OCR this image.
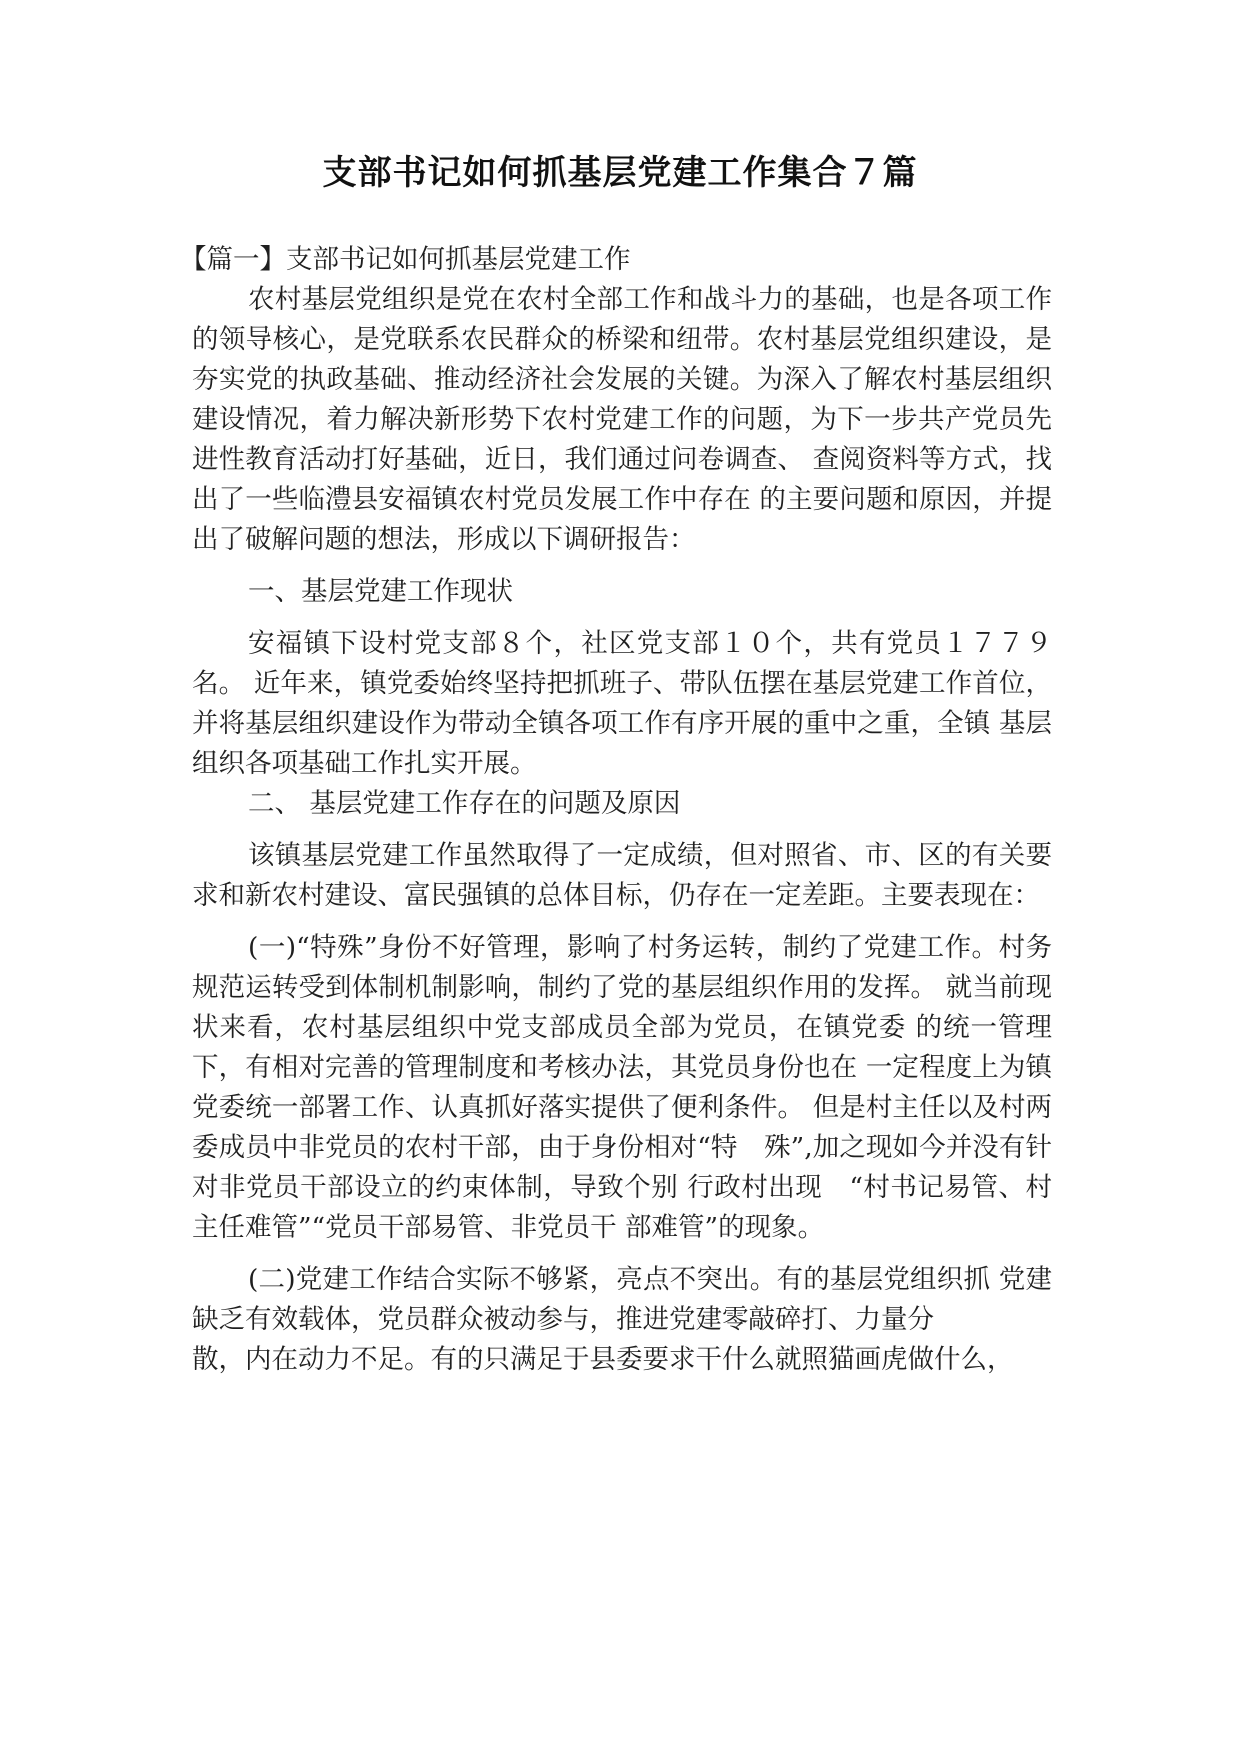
支部书记如何抓基层党建工作集合７篇

【篇一】支部书记如何抓基层党建工作

农村基层党组织是党在农村全部工作和战斗力的基础，也是各项工作的领导核心，是党联系农民群众的桥梁和纽带。农村基层党组织建设，是夯实党的执政基础、推动经济社会发展的关键。为深入了解农村基层组织建设情况，着力解决新形势下农村党建工作的问题，为下一步共产党员先进性教育活动打好基础，近日，我们通过问卷调查、 查阅资料等方式，找出了一些临澧县安福镇农村党员发展工作中存在 的主要问题和原因，并提出了破解问题的想法，形成以下调研报告：

一、基层党建工作现状

安福镇下设村党支部８个，社区党支部１０个，共有党员１７７９名。 近年来，镇党委始终坚持把抓班子、带队伍摆在基层党建工作首位， 并将基层组织建设作为带动全镇各项工作有序开展的重中之重，全镇 基层组织各项基础工作扎实开展。

二、 基层党建工作存在的问题及原因

该镇基层党建工作虽然取得了一定成绩，但对照省、市、区的有关要求和新农村建设、富民强镇的总体目标，仍存在一定差距。主要表现在：

(一)“特殊”身份不好管理，影响了村务运转，制约了党建工作。村务规范运转受到体制机制影响，制约了党的基层组织作用的发挥。 就当前现状来看，农村基层组织中党支部成员全部为党员，在镇党委 的统一管理下，有相对完善的管理制度和考核办法，其党员身份也在 一定程度上为镇党委统一部署工作、认真抓好落实提供了便利条件。 但是村主任以及村两委成员中非党员的农村干部，由于身份相对“特　殊”,加之现如今并没有针对非党员干部设立的约束体制，导致个别 行政村出现　“村书记易管、村主任难管”“党员干部易管、非党员干 部难管”的现象。

(二)党建工作结合实际不够紧，亮点不突出。有的基层党组织抓 党建缺乏有效载体，党员群众被动参与，推进党建零敲碎打、力量分

散，内在动力不足。有的只满足于县委要求干什么就照猫画虎做什么，
